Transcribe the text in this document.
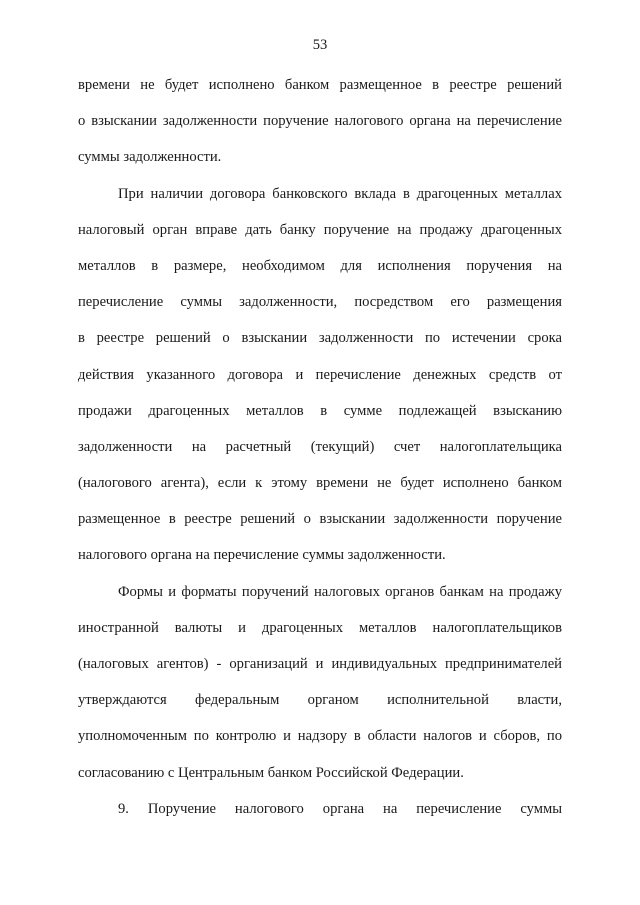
53
времени не будет исполнено банком размещенное в реестре решений
о взыскании задолженности поручение налогового органа на перечисление
суммы задолженности.
При наличии договора банковского вклада в драгоценных металлах
налоговый орган вправе дать банку поручение на продажу драгоценных
металлов в размере, необходимом для исполнения поручения на
перечисление суммы задолженности, посредством его размещения
в реестре решений о взыскании задолженности по истечении срока
действия указанного договора и перечисление денежных средств от
продажи драгоценных металлов в сумме подлежащей взысканию
задолженности на расчетный (текущий) счет налогоплательщика
(налогового агента), если к этому времени не будет исполнено банком
размещенное в реестре решений о взыскании задолженности поручение
налогового органа на перечисление суммы задолженности.
Формы и форматы поручений налоговых органов банкам на продажу
иностранной валюты и драгоценных металлов налогоплательщиков
(налоговых агентов) - организаций и индивидуальных предпринимателей
утверждаются федеральным органом исполнительной власти,
уполномоченным по контролю и надзору в области налогов и сборов, по
согласованию с Центральным банком Российской Федерации.
9. Поручение налогового органа на перечисление суммы
